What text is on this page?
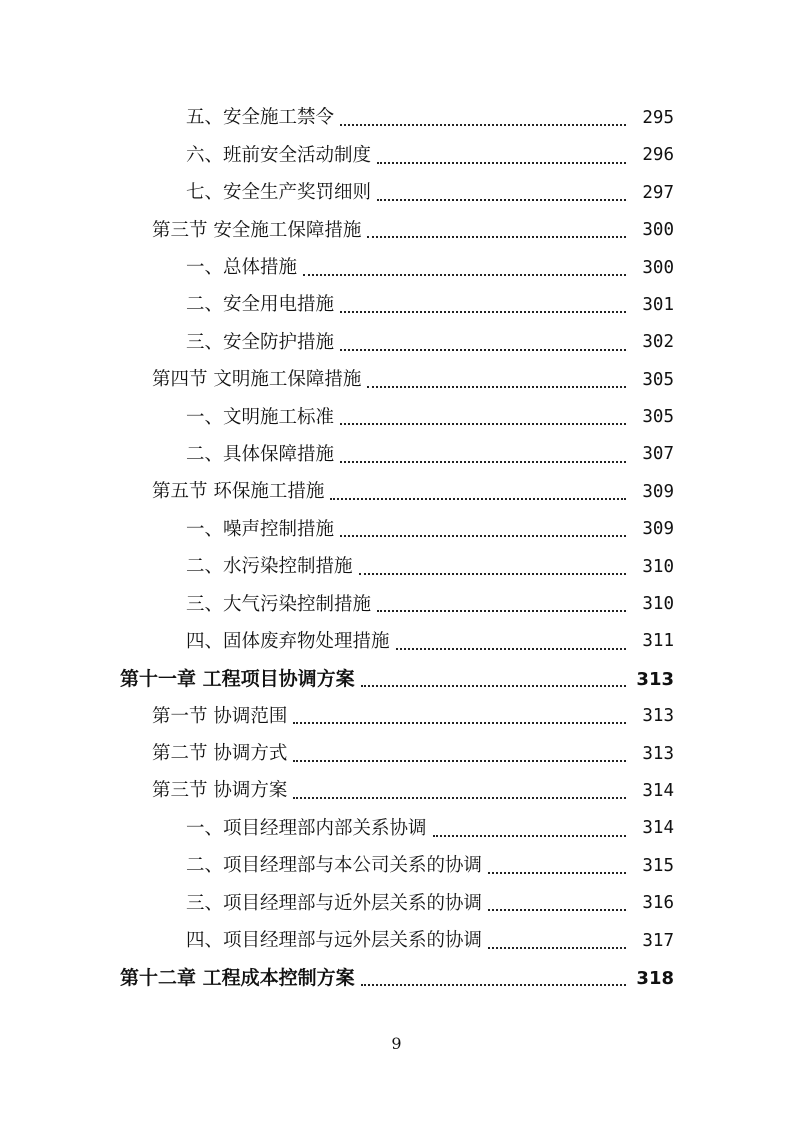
五、安全施工禁令	295
六、班前安全活动制度	296
七、安全生产奖罚细则	297
第三节 安全施工保障措施	300
一、总体措施	300
二、安全用电措施	301
三、安全防护措施	302
第四节 文明施工保障措施	305
一、文明施工标准	305
二、具体保障措施	307
第五节 环保施工措施	309
一、噪声控制措施	309
二、水污染控制措施	310
三、大气污染控制措施	310
四、固体废弃物处理措施	311
第十一章 工程项目协调方案	313
第一节 协调范围	313
第二节 协调方式	313
第三节 协调方案	314
一、项目经理部内部关系协调	314
二、项目经理部与本公司关系的协调	315
三、项目经理部与近外层关系的协调	316
四、项目经理部与远外层关系的协调	317
第十二章 工程成本控制方案	318
9
